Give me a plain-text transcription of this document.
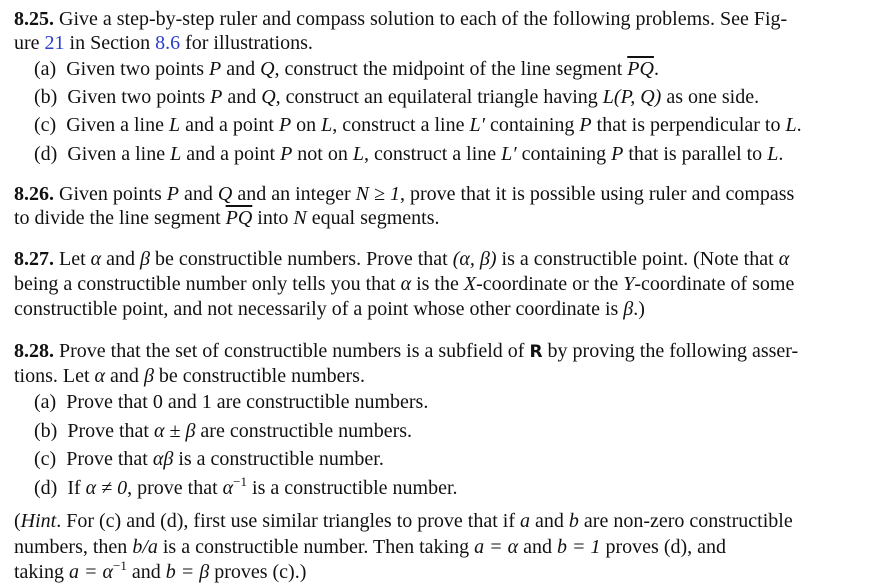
8.25. Give a step-by-step ruler and compass solution to each of the following problems. See Fig-
ure 21 in Section 8.6 for illustrations.
(a) Given two points P and Q, construct the midpoint of the line segment $\overline{PQ}$.
(b) Given two points P and Q, construct an equilateral triangle having L(P, Q) as one side.
(c) Given a line L and a point P on L, construct a line L′ containing P that is perpendicular to L.
(d) Given a line L and a point P not on L, construct a line L′ containing P that is parallel to L.
8.26. Given points P and Q and an integer N ≥ 1, prove that it is possible using ruler and compass
to divide the line segment $\overline{PQ}$ into N equal segments.
8.27. Let α and β be constructible numbers. Prove that (α, β) is a constructible point. (Note that α
being a constructible number only tells you that α is the X-coordinate or the Y-coordinate of some
constructible point, and not necessarily of a point whose other coordinate is β.)
8.28. Prove that the set of constructible numbers is a subfield of R by proving the following asser-
tions. Let α and β be constructible numbers.
(a) Prove that 0 and 1 are constructible numbers.
(b) Prove that α ± β are constructible numbers.
(c) Prove that αβ is a constructible number.
(d) If α ≠ 0, prove that $\alpha^{-1}$ is a constructible number.
(Hint. For (c) and (d), first use similar triangles to prove that if a and b are non-zero constructible
numbers, then b/a is a constructible number. Then taking a = α and b = 1 proves (d), and
taking $a = \alpha^{-1}$ and b = β proves (c).)
